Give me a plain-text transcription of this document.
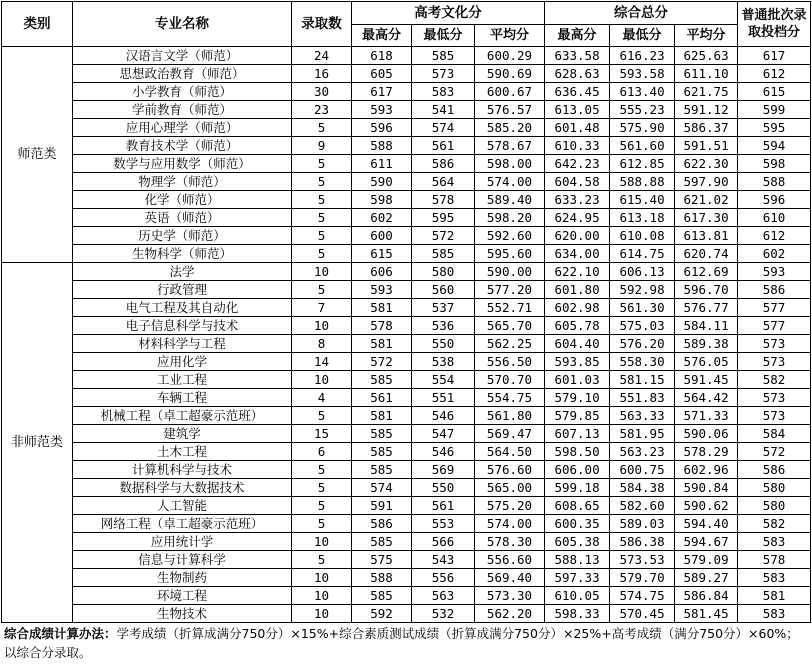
类别	专业名称	录取数	高考文化分			综合总分			普通批次录取投档分
			最高分	最低分	平均分	最高分	最低分	平均分	
师范类	汉语言文学（师范）	24	618	585	600.29	633.58	616.23	625.63	617
	思想政治教育（师范）	16	605	573	590.69	628.63	593.58	611.10	612
	小学教育（师范）	30	617	583	600.67	636.45	613.40	621.75	615
	学前教育（师范）	23	593	541	576.57	613.05	555.23	591.12	599
	应用心理学（师范）	5	596	574	585.20	601.48	575.90	586.37	595
	教育技术学（师范）	9	588	561	578.67	610.33	561.60	591.51	594
	数学与应用数学（师范）	5	611	586	598.00	642.23	612.85	622.30	598
	物理学（师范）	5	590	564	574.00	604.58	588.88	597.90	588
	化学（师范）	5	598	578	589.40	633.23	615.40	621.02	596
	英语（师范）	5	602	595	598.20	624.95	613.18	617.30	610
	历史学（师范）	5	600	572	592.60	620.00	610.08	613.81	612
	生物科学（师范）	5	615	585	595.60	634.00	614.75	620.74	602
非师范类	法学	10	606	580	590.00	622.10	606.13	612.69	593
	行政管理	5	593	560	577.20	601.80	592.98	596.70	586
	电气工程及其自动化	7	581	537	552.71	602.98	561.30	576.77	577
	电子信息科学与技术	10	578	536	565.70	605.78	575.03	584.11	577
	材料科学与工程	8	581	550	562.25	604.40	576.20	589.38	573
	应用化学	14	572	538	556.50	593.85	558.30	576.05	573
	工业工程	10	585	554	570.70	601.03	581.15	591.45	582
	车辆工程	4	561	551	554.75	579.10	551.83	564.42	573
	机械工程（卓工超豪示范班）	5	581	546	561.80	579.85	563.33	571.33	573
	建筑学	15	585	547	569.47	607.13	581.95	590.06	584
	土木工程	6	585	546	564.50	598.50	563.23	578.29	572
	计算机科学与技术	5	585	569	576.60	606.00	600.75	602.96	586
	数据科学与大数据技术	5	574	550	565.00	599.18	584.38	590.84	580
	人工智能	5	591	561	575.20	608.65	582.60	590.62	580
	网络工程（卓工超豪示范班）	5	586	553	574.00	600.35	589.03	594.40	582
	应用统计学	10	585	566	578.30	605.38	586.38	594.67	583
	信息与计算科学	5	575	543	556.60	588.13	573.53	579.09	578
	生物制药	10	588	556	569.40	597.33	579.70	589.27	583
	环境工程	10	585	563	573.30	610.05	574.75	586.84	581
	生物技术	10	592	532	562.20	598.33	570.45	581.45	583
综合成绩计算办法：学考成绩（折算成满分750分）×15%+综合素质测试成绩（折算成满分750分）×25%+高考成绩（满分750分）×60%；以综合分录取。
